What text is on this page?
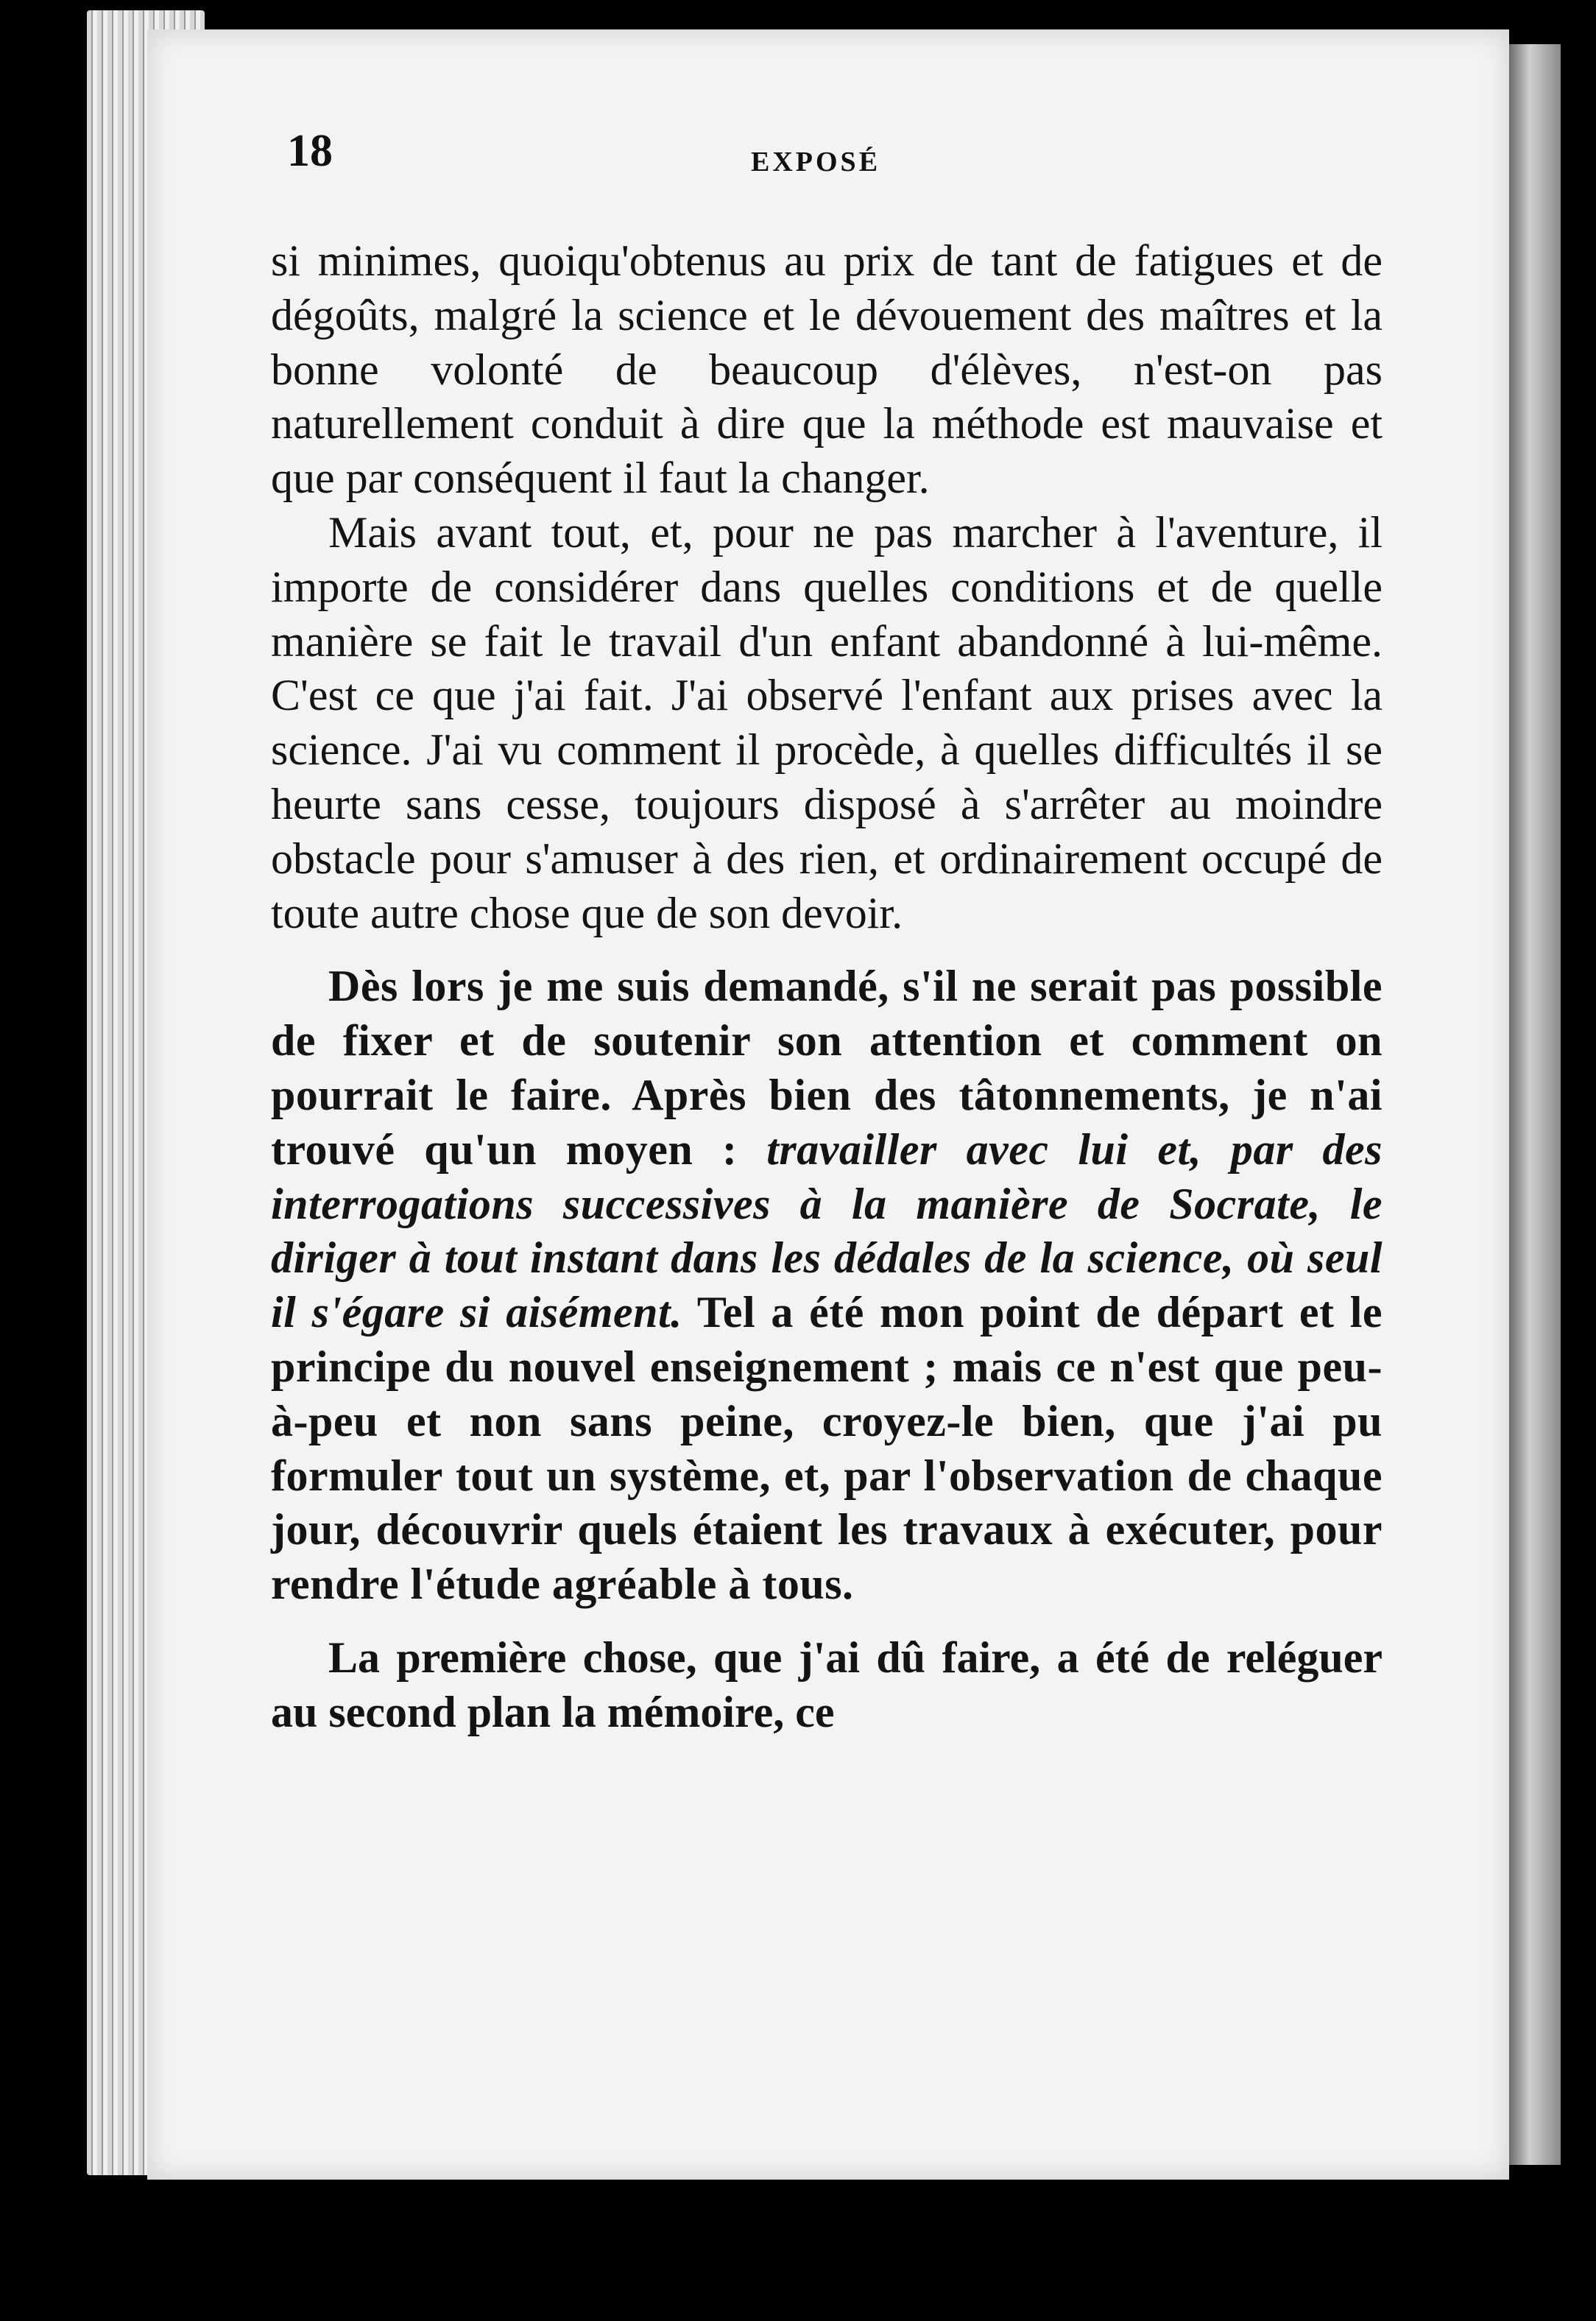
18	EXPOSÉ

si minimes, quoiqu'obtenus au prix de tant de fatigues et de dégoûts, malgré la science et le dévouement des maîtres et la bonne volonté de beaucoup d'élèves, n'est-on pas naturellement conduit à dire que la méthode est mauvaise et que par conséquent il faut la changer.

Mais avant tout, et, pour ne pas marcher à l'aventure, il importe de considérer dans quelles conditions et de quelle manière se fait le travail d'un enfant abandonné à lui-même. C'est ce que j'ai fait. J'ai observé l'enfant aux prises avec la science. J'ai vu comment il procède, à quelles difficultés il se heurte sans cesse, toujours disposé à s'arrêter au moindre obstacle pour s'amuser à des rien, et ordinairement occupé de toute autre chose que de son devoir.

Dès lors je me suis demandé, s'il ne serait pas possible de fixer et de soutenir son attention et comment on pourrait le faire. Après bien des tâtonnements, je n'ai trouvé qu'un moyen : travailler avec lui et, par des interrogations successives à la manière de Socrate, le diriger à tout instant dans les dédales de la science, où seul il s'égare si aisément. Tel a été mon point de départ et le principe du nouvel enseignement ; mais ce n'est que peu-à-peu et non sans peine, croyez-le bien, que j'ai pu formuler tout un système, et, par l'observation de chaque jour, découvrir quels étaient les travaux à exécuter, pour rendre l'étude agréable à tous.

La première chose, que j'ai dû faire, a été de reléguer au second plan la mémoire, ce
